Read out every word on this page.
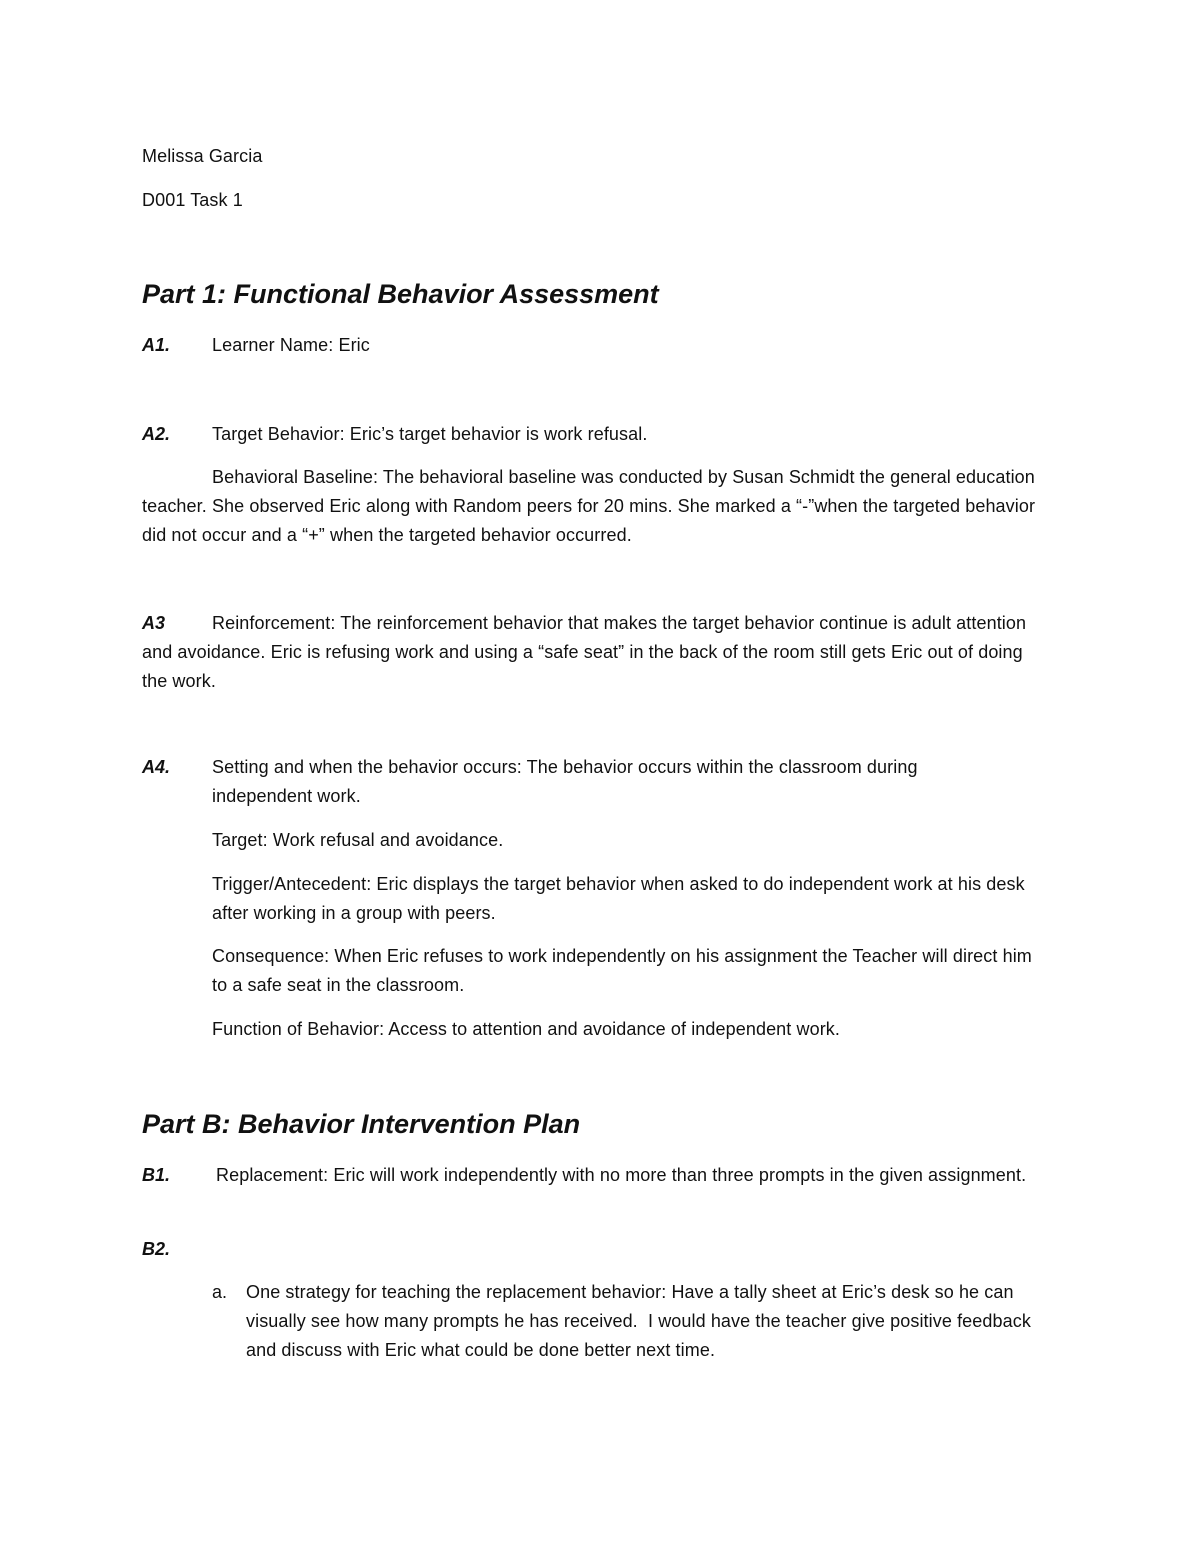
Melissa Garcia
D001 Task 1
Part 1: Functional Behavior Assessment
A1. Learner Name: Eric
A2. Target Behavior: Eric’s target behavior is work refusal.
Behavioral Baseline: The behavioral baseline was conducted by Susan Schmidt the general education teacher. She observed Eric along with Random peers for 20 mins. She marked a “-”when the targeted behavior did not occur and a “+” when the targeted behavior occurred.
A3	Reinforcement: The reinforcement behavior that makes the target behavior continue is adult attention and avoidance. Eric is refusing work and using a “safe seat” in the back of the room still gets Eric out of doing the work.
A4. Setting and when the behavior occurs: The behavior occurs within the classroom during independent work.
Target: Work refusal and avoidance.
Trigger/Antecedent: Eric displays the target behavior when asked to do independent work at his desk after working in a group with peers.
Consequence: When Eric refuses to work independently on his assignment the Teacher will direct him to a safe seat in the classroom.
Function of Behavior: Access to attention and avoidance of independent work.
Part B: Behavior Intervention Plan
B1.	Replacement: Eric will work independently with no more than three prompts in the given assignment.
B2.
a. One strategy for teaching the replacement behavior: Have a tally sheet at Eric’s desk so he can visually see how many prompts he has received.  I would have the teacher give positive feedback and discuss with Eric what could be done better next time.
